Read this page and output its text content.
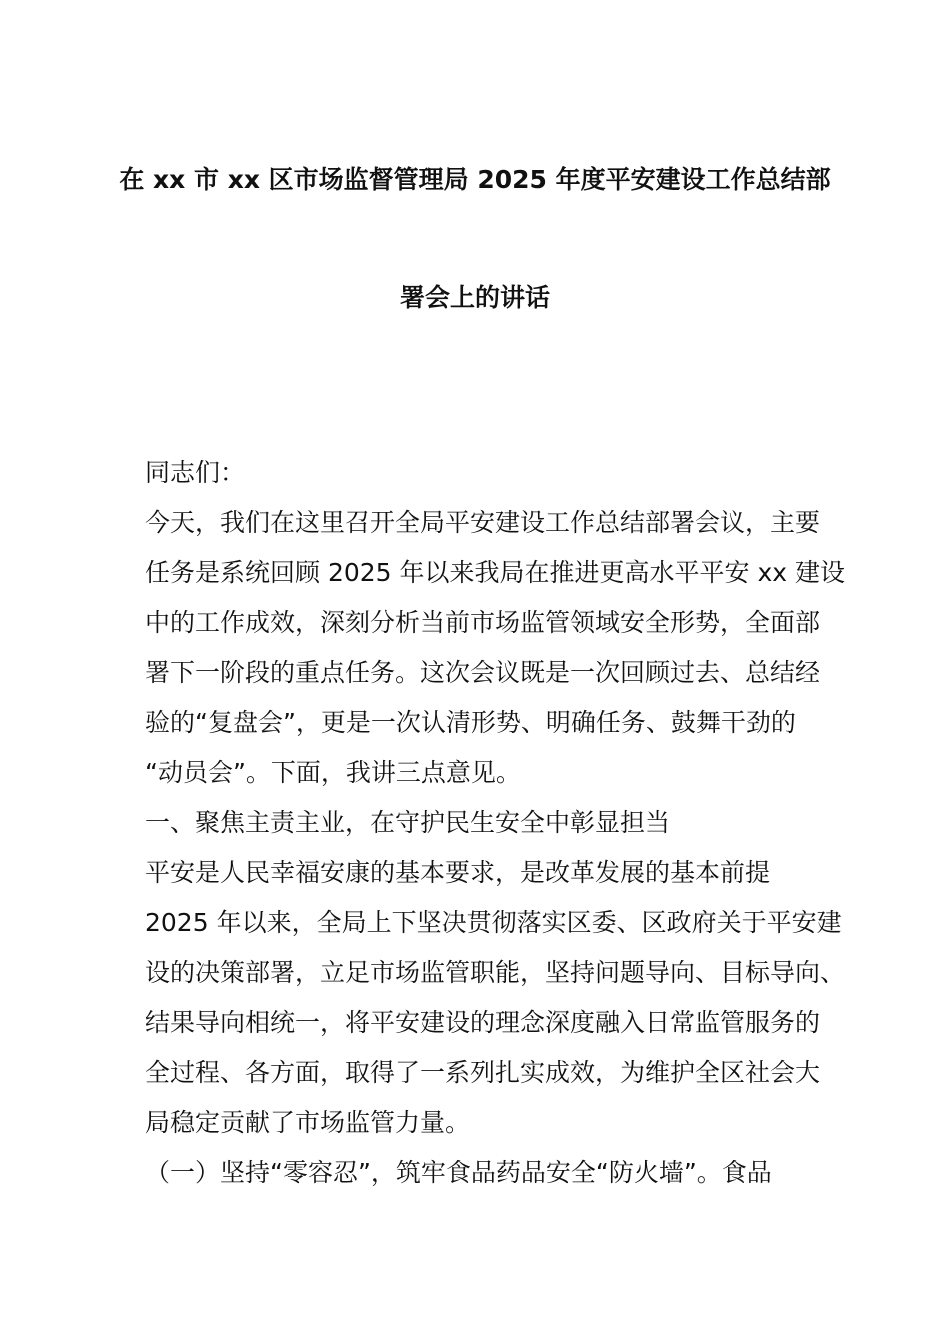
在 xx 市 xx 区市场监督管理局 2025 年度平安建设工作总结部
署会上的讲话
同志们：
今天，我们在这里召开全局平安建设工作总结部署会议，主要
任务是系统回顾 2025 年以来我局在推进更高水平平安 xx 建设
中的工作成效，深刻分析当前市场监管领域安全形势，全面部
署下一阶段的重点任务。这次会议既是一次回顾过去、总结经
验的“复盘会”，更是一次认清形势、明确任务、鼓舞干劲的
“动员会”。下面，我讲三点意见。
一、聚焦主责主业，在守护民生安全中彰显担当
平安是人民幸福安康的基本要求，是改革发展的基本前提
2025 年以来，全局上下坚决贯彻落实区委、区政府关于平安建
设的决策部署，立足市场监管职能，坚持问题导向、目标导向、
结果导向相统一，将平安建设的理念深度融入日常监管服务的
全过程、各方面，取得了一系列扎实成效，为维护全区社会大
局稳定贡献了市场监管力量。
（一）坚持“零容忍”，筑牢食品药品安全“防火墙”。食品
